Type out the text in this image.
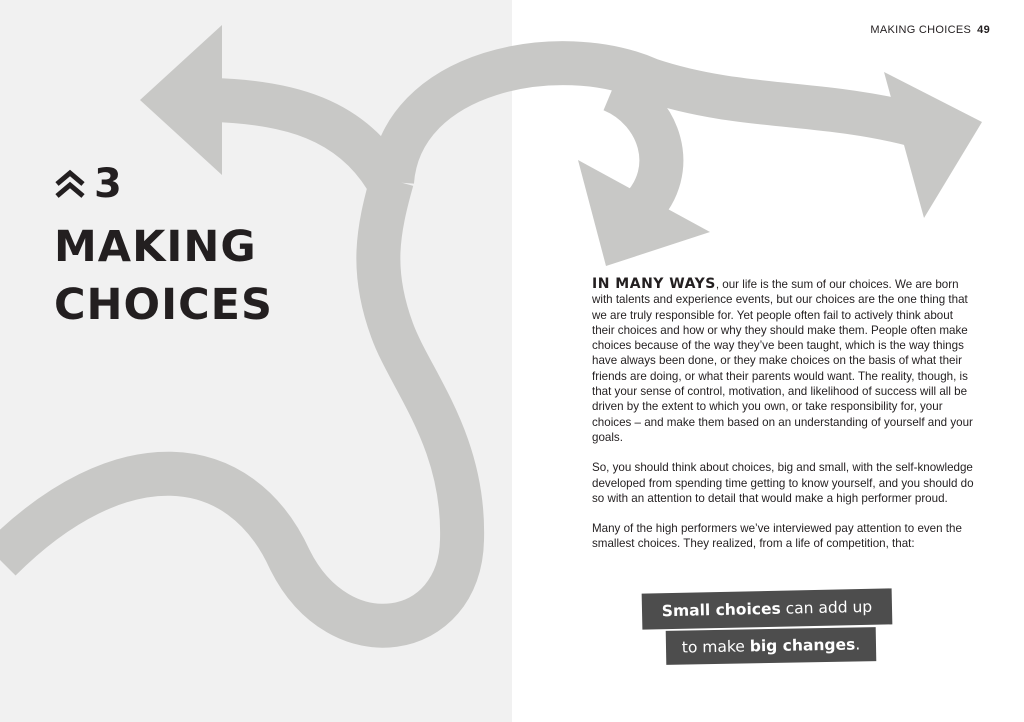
MAKING CHOICES 49
3
MAKING
CHOICES	IN MANY WAYS, our life is the sum of our choices. We are born with talents and experience events, but our choices are the one thing that we are truly responsible for. Yet people often fail to actively think about their choices and how or why they should make them. People often make choices because of the way they’ve been taught, which is the way things have always been done, or they make choices on the basis of what their friends are doing, or what their parents would want. The reality, though, is that your sense of control, motivation, and likelihood of success will all be driven by the extent to which you own, or take responsibility for, your choices – and make them based on an understanding of yourself and your goals.

So, you should think about choices, big and small, with the self-knowledge developed from spending time getting to know yourself, and you should do so with an attention to detail that would make a high performer proud.

Many of the high performers we’ve interviewed pay attention to even the smallest choices. They realized, from a life of competition, that:

Small choices can add up
to make big changes .
